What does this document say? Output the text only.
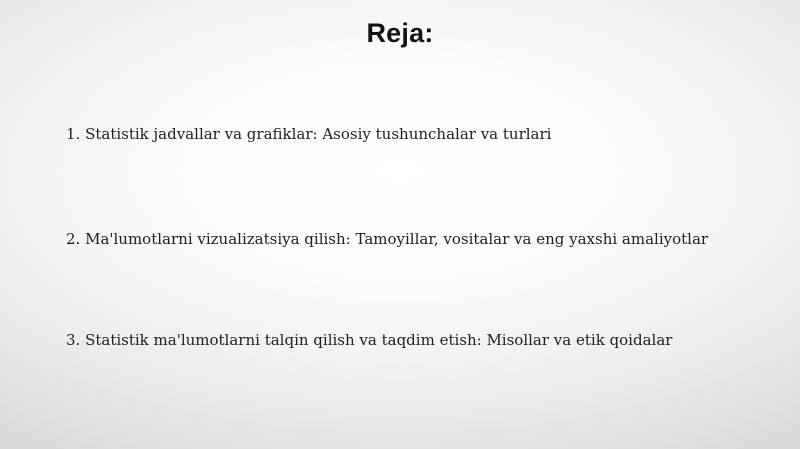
Reja:
1. Statistik jadvallar va grafiklar: Asosiy tushunchalar va turlari
2. Ma'lumotlarni vizualizatsiya qilish: Tamoyillar, vositalar va eng yaxshi amaliyotlar
3. Statistik ma'lumotlarni talqin qilish va taqdim etish: Misollar va etik qoidalar
